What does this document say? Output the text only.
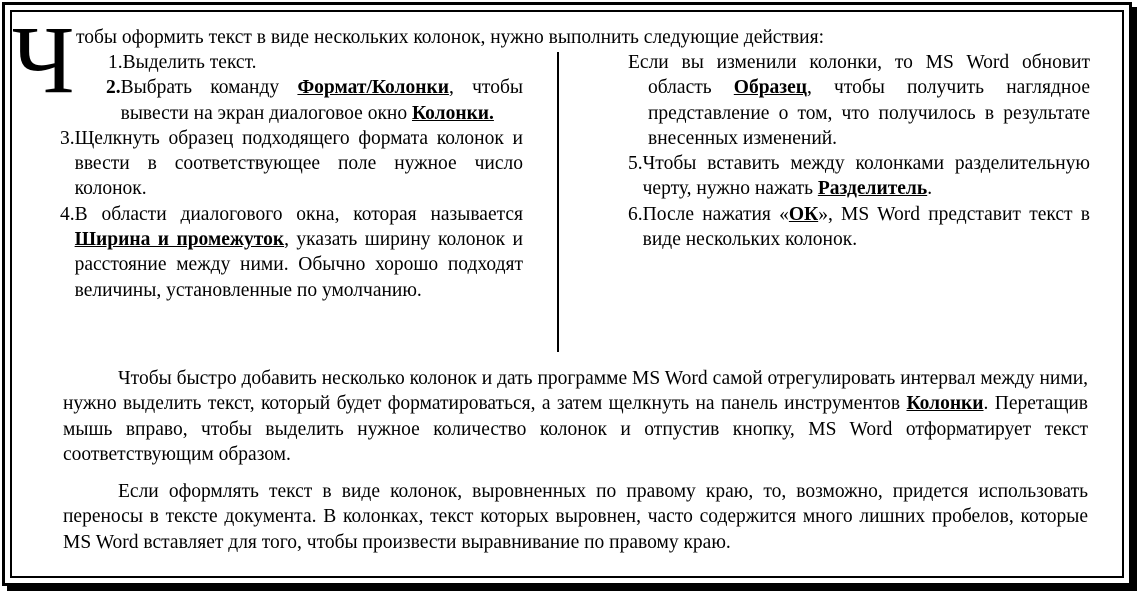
Ч тобы оформить текст в виде нескольких колонок, нужно выполнить следующие действия:
1.Выделить текст.
2. Выбрать команду Формат/Колонки, чтобы вывести на экран диалоговое окно Колонки.
3. Щелкнуть образец подходящего формата колонок и ввести в соответствующее поле нужное число колонок.
4. В области диалогового окна, которая называется Ширина и промежуток, указать ширину колонок и расстояние между ними. Обычно хорошо подходят величины, установленные по умолчанию.
Если вы изменили колонки, то MS Word обновит область Образец, чтобы получить наглядное представление о том, что получилось в результате внесенных изменений.
5. Чтобы вставить между колонками разделительную черту, нужно нажать Разделитель.
6. После нажатия «ОК», MS Word представит текст в виде нескольких колонок.
Чтобы быстро добавить несколько колонок и дать программе MS Word самой отрегулировать интервал между ними, нужно выделить текст, который будет форматироваться, а затем щелкнуть на панель инструментов Колонки. Перетащив мышь вправо, чтобы выделить нужное количество колонок и отпустив кнопку, MS Word отформатирует текст соответствующим образом.
Если оформлять текст в виде колонок, выровненных по правому краю, то, возможно, придется использовать переносы в тексте документа. В колонках, текст которых выровнен, часто содержится много лишних пробелов, которые MS Word вставляет для того, чтобы произвести выравнивание по правому краю.
